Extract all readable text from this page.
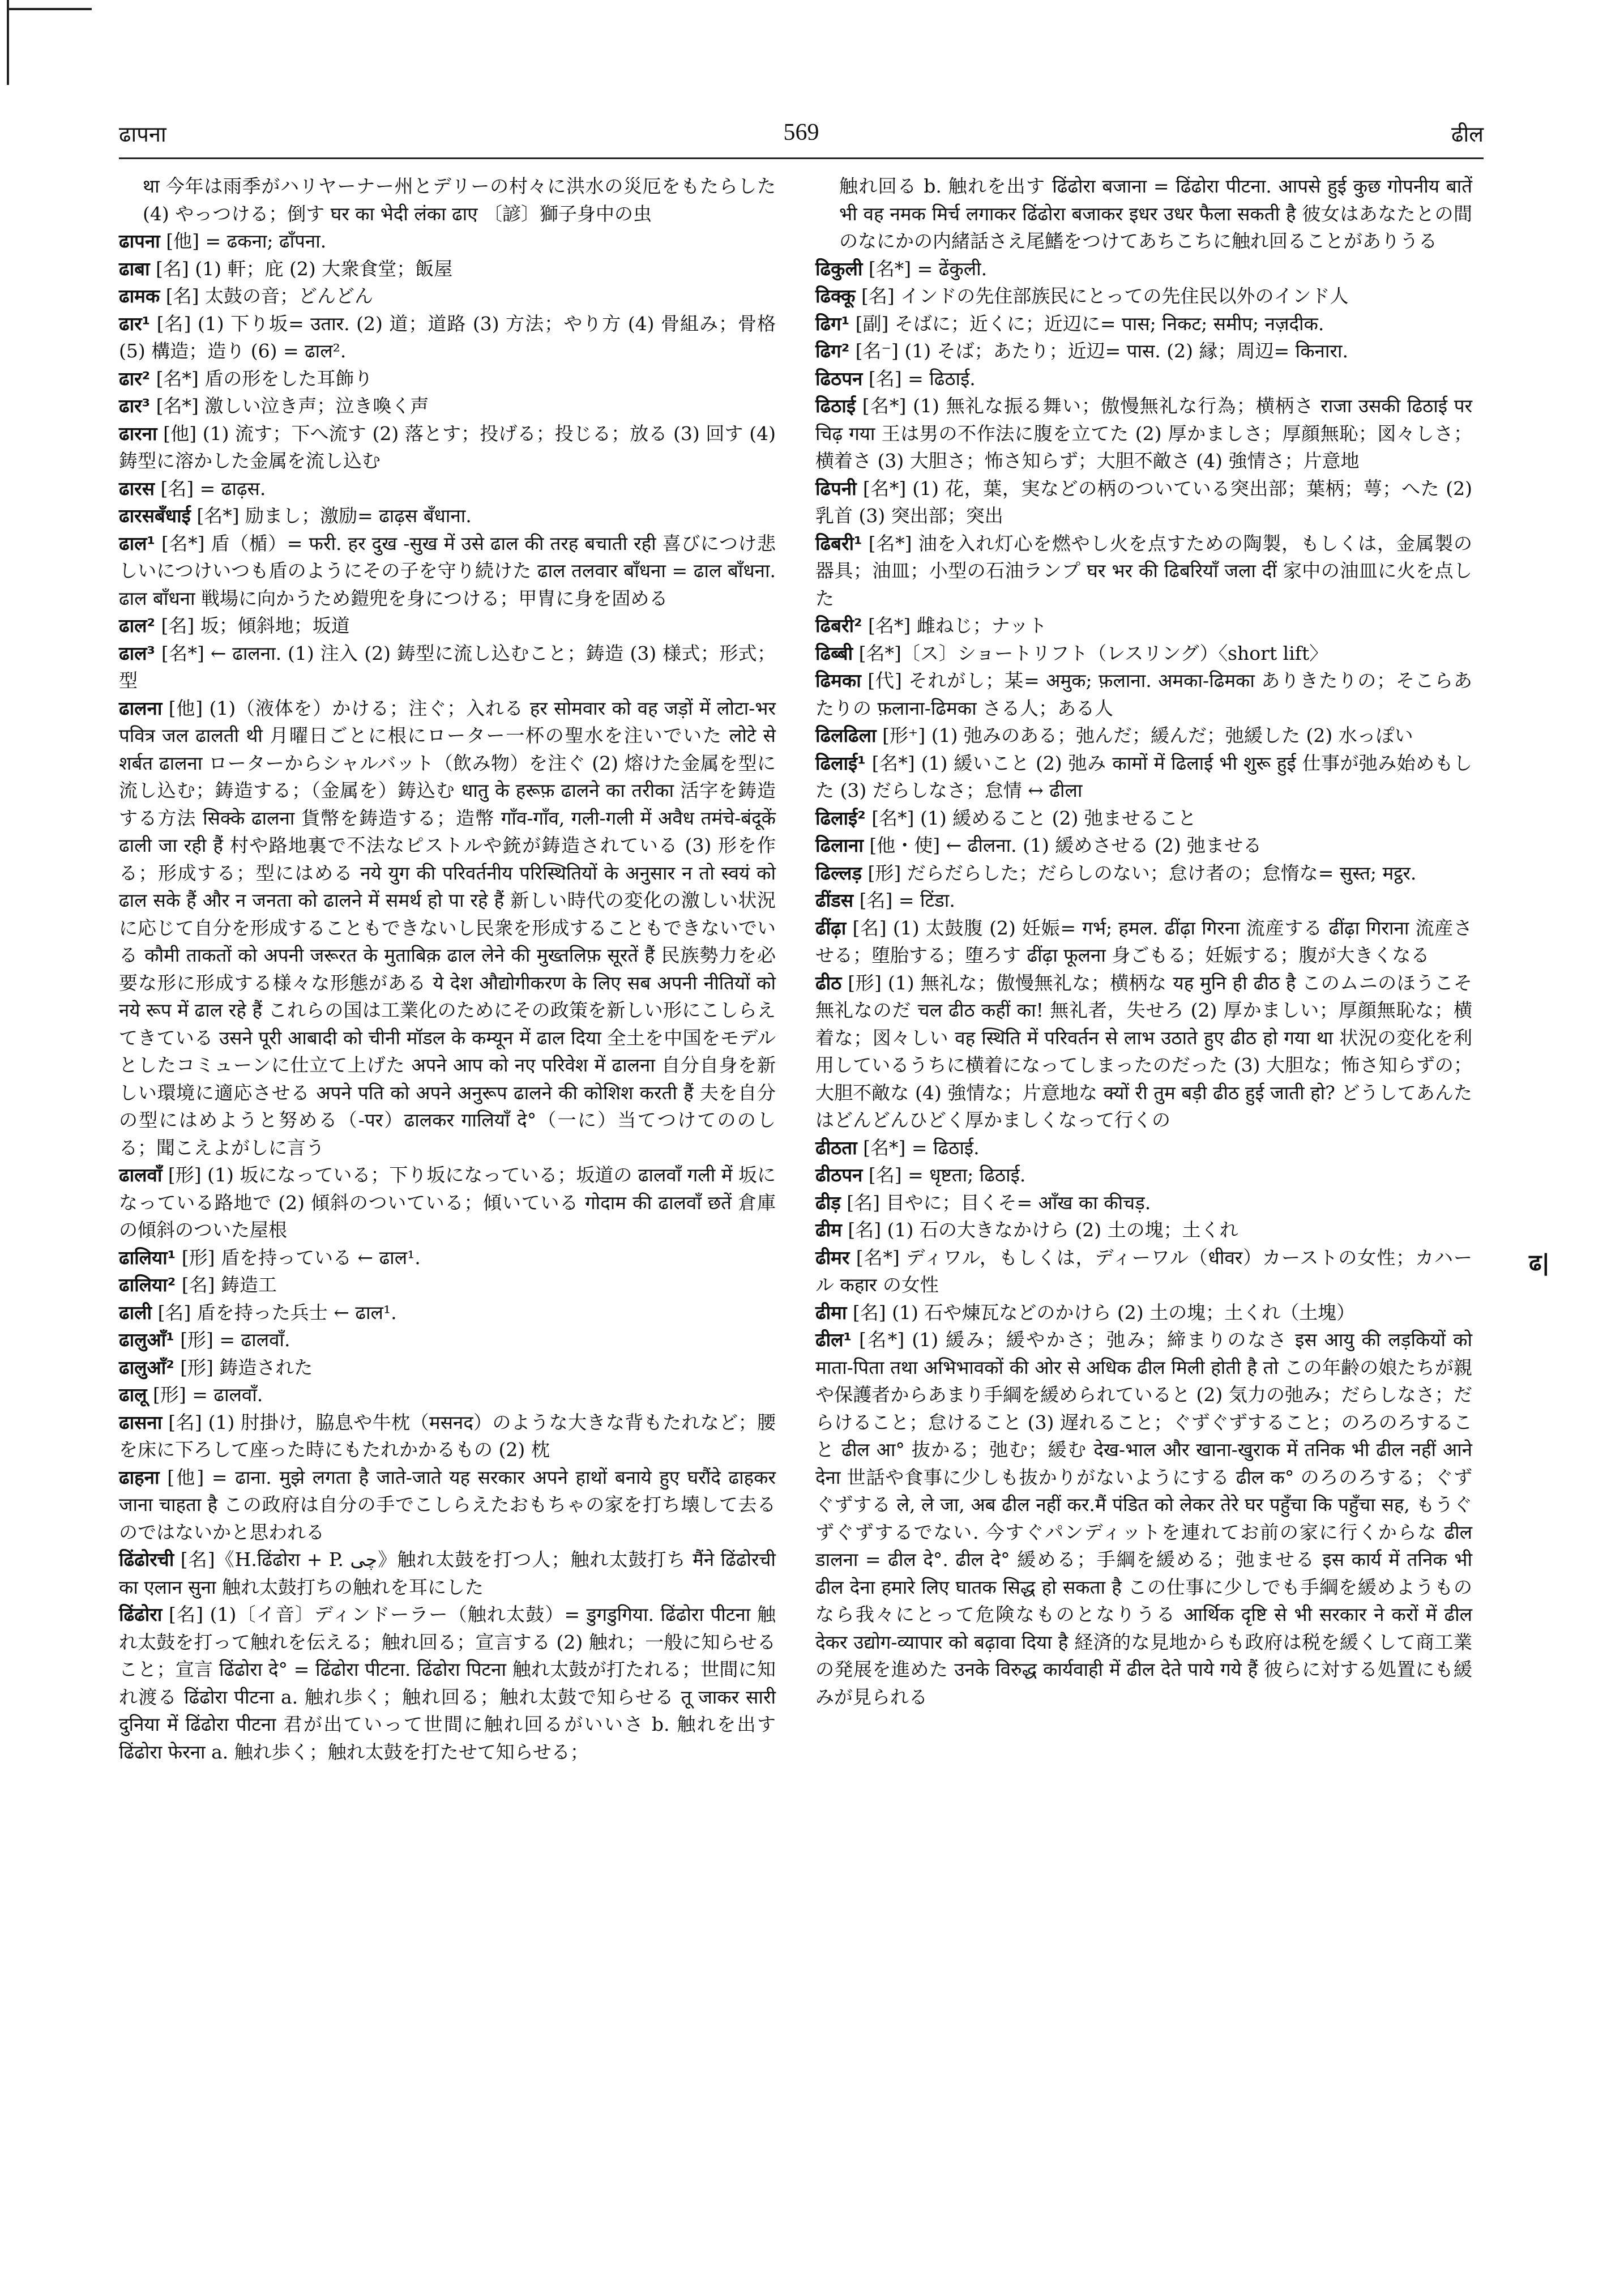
ढापना	569	ढील

था 今年は雨季がハリヤーナー州とデリーの村々に洪水の災厄をもたらした (4) やっつける；倒す घर का भेदी लंका ढाए 〔諺〕獅子身中の虫

ढापना [他] = ढकना; ढाँपना.

ढाबा [名] (1) 軒；庇 (2) 大衆食堂；飯屋

ढामक [名] 太鼓の音；どんどん

ढार¹ [名] (1) 下り坂= उतार. (2) 道；道路 (3) 方法；やり方 (4) 骨組み；骨格 (5) 構造；造り (6) = ढाल².

ढार² [名*] 盾の形をした耳飾り

ढार³ [名*] 激しい泣き声；泣き喚く声

ढारना [他] (1) 流す；下へ流す (2) 落とす；投げる；投じる；放る (3) 回す (4) 鋳型に溶かした金属を流し込む

ढारस [名] = ढाढ़स.

ढारसबँधाई [名*] 励まし；激励= ढाढ़स बँधाना.

ढाल¹ [名*] 盾（楯）= फरी. हर दुख -सुख में उसे ढाल की तरह बचाती रही 喜びにつけ悲しいにつけいつも盾のようにその子を守り続けた ढाल तलवार बाँधना = ढाल बाँधना. ढाल बाँधना 戦場に向かうため鎧兜を身につける；甲冑に身を固める

ढाल² [名] 坂；傾斜地；坂道

ढाल³ [名*] ← ढालना. (1) 注入 (2) 鋳型に流し込むこと；鋳造 (3) 様式；形式；型

ढालना [他] (1)（液体を）かける；注ぐ；入れる हर सोमवार को वह जड़ों में लोटा-भर पवित्र जल ढालती थी 月曜日ごとに根にローター一杯の聖水を注いでいた लोटे से शर्बत ढालना ローターからシャルバット（飲み物）を注ぐ (2) 熔けた金属を型に流し込む；鋳造する；（金属を）鋳込む धातु के हरूफ़ ढालने का तरीका 活字を鋳造する方法 सिक्के ढालना 貨幣を鋳造する；造幣 गाँव-गाँव, गली-गली में अवैध तमंचे-बंदूकें ढाली जा रही हैं 村や路地裏で不法なピストルや銃が鋳造されている (3) 形を作る；形成する；型にはめる नये युग की परिवर्तनीय परिस्थितियों के अनुसार न तो स्वयं को ढाल सके हैं और न जनता को ढालने में समर्थ हो पा रहे हैं 新しい時代の変化の激しい状況に応じて自分を形成することもできないし民衆を形成することもできないでいる कौमी ताकतों को अपनी जरूरत के मुताबिक़ ढाल लेने की मुख्तलिफ़ सूरतें हैं 民族勢力を必要な形に形成する様々な形態がある ये देश औद्योगीकरण के लिए सब अपनी नीतियों को नये रूप में ढाल रहे हैं これらの国は工業化のためにその政策を新しい形にこしらえてきている उसने पूरी आबादी को चीनी मॉडल के कम्यून में ढाल दिया 全土を中国をモデルとしたコミューンに仕立て上げた अपने आप को नए परिवेश में ढालना 自分自身を新しい環境に適応させる अपने पति को अपने अनुरूप ढालने की कोशिश करती हैं 夫を自分の型にはめようと努める（-पर）ढालकर गालियाँ दे°（一に）当てつけてののしる；聞こえよがしに言う

ढालवाँ [形] (1) 坂になっている；下り坂になっている；坂道の ढालवाँ गली में 坂になっている路地で (2) 傾斜のついている；傾いている गोदाम की ढालवाँ छतें 倉庫の傾斜のついた屋根

ढालिया¹ [形] 盾を持っている ← ढाल¹.

ढालिया² [名] 鋳造工

ढाली [名] 盾を持った兵士 ← ढाल¹.

ढालुआँ¹ [形] = ढालवाँ.

ढालुआँ² [形] 鋳造された

ढालू [形] = ढालवाँ.

ढासना [名] (1) 肘掛け，脇息や牛枕（मसनद）のような大きな背もたれなど；腰を床に下ろして座った時にもたれかかるもの (2) 枕

ढाहना [他] = ढाना. मुझे लगता है जाते-जाते यह सरकार अपने हाथों बनाये हुए घरौंदे ढाहकर जाना चाहता है この政府は自分の手でこしらえたおもちゃの家を打ち壊して去るのではないかと思われる

ढिंढोरची [名]《H.ढिंढोरा + P. چی》触れ太鼓を打つ人；触れ太鼓打ち मैंने ढिंढोरची का एलान सुना 触れ太鼓打ちの触れを耳にした

ढिंढोरा [名] (1)〔イ音〕ディンドーラー（触れ太鼓）= डुगडुगिया. ढिंढोरा पीटना 触れ太鼓を打って触れを伝える；触れ回る；宣言する (2) 触れ；一般に知らせること；宣言 ढिंढोरा दे° = ढिंढोरा पीटना. ढिंढोरा पिटना 触れ太鼓が打たれる；世間に知れ渡る ढिंढोरा पीटना a. 触れ歩く；触れ回る；触れ太鼓で知らせる तू जाकर सारी दुनिया में ढिंढोरा पीटना 君が出ていって世間に触れ回るがいいさ b. 触れを出す ढिंढोरा फेरना a. 触れ歩く；触れ太鼓を打たせて知らせる；

触れ回る b. 触れを出す ढिंढोरा बजाना = ढिंढोरा पीटना. आपसे हुई कुछ गोपनीय बातें भी वह नमक मिर्च लगाकर ढिंढोरा बजाकर इधर उधर फैला सकती है 彼女はあなたとの間のなにかの内緒話さえ尾鰭をつけてあちこちに触れ回ることがありうる

ढिकुली [名*] = ढेंकुली.

ढिक्कू [名] インドの先住部族民にとっての先住民以外のインド人

ढिग¹ [副] そばに；近くに；近辺に= पास; निकट; समीप; नज़दीक.

ढिग² [名⁻] (1) そば；あたり；近辺= पास. (2) 縁；周辺= किनारा.

ढिठपन [名] = ढिठाई.

ढिठाई [名*] (1) 無礼な振る舞い；傲慢無礼な行為；横柄さ राजा उसकी ढिठाई पर चिढ़ गया 王は男の不作法に腹を立てた (2) 厚かましさ；厚顔無恥；図々しさ；横着さ (3) 大胆さ；怖さ知らず；大胆不敵さ (4) 強情さ；片意地

ढिपनी [名*] (1) 花，葉，実などの柄のついている突出部；葉柄；萼；へた (2) 乳首 (3) 突出部；突出

ढिबरी¹ [名*] 油を入れ灯心を燃やし火を点すための陶製，もしくは，金属製の器具；油皿；小型の石油ランプ घर भर की ढिबरियाँ जला दीं 家中の油皿に火を点した

ढिबरी² [名*] 雌ねじ；ナット

ढिब्बी [名*]〔ス〕ショートリフト（レスリング）〈short lift〉

ढिमका [代] それがし；某= अमुक; फ़लाना. अमका-ढिमका ありきたりの；そこらあたりの फ़लाना-ढिमका さる人；ある人

ढिलढिला [形⁺] (1) 弛みのある；弛んだ；緩んだ；弛緩した (2) 水っぽい

ढिलाई¹ [名*] (1) 緩いこと (2) 弛み कामों में ढिलाई भी शुरू हुई 仕事が弛み始めもした (3) だらしなさ；怠情 ↔ ढीला

ढिलाई² [名*] (1) 緩めること (2) 弛ませること

ढिलाना [他・使] ← ढीलना. (1) 緩めさせる (2) 弛ませる

ढिल्लड़ [形] だらだらした；だらしのない；怠け者の；怠惰な= सुस्त; मट्ठर.

ढींडस [名] = टिंडा.

ढींढ़ा [名] (1) 太鼓腹 (2) 妊娠= गर्भ; हमल. ढींढ़ा गिरना 流産する ढींढ़ा गिराना 流産させる；堕胎する；堕ろす ढींढ़ा फूलना 身ごもる；妊娠する；腹が大きくなる

ढीठ [形] (1) 無礼な；傲慢無礼な；横柄な यह मुनि ही ढीठ है このムニのほうこそ無礼なのだ चल ढीठ कहीं का! 無礼者，失せろ (2) 厚かましい；厚顔無恥な；横着な；図々しい वह स्थिति में परिवर्तन से लाभ उठाते हुए ढीठ हो गया था 状況の変化を利用しているうちに横着になってしまったのだった (3) 大胆な；怖さ知らずの；大胆不敵な (4) 強情な；片意地な क्यों री तुम बड़ी ढीठ हुई जाती हो? どうしてあんたはどんどんひどく厚かましくなって行くの

ढीठता [名*] = ढिठाई.

ढीठपन [名] = धृष्टता; ढिठाई.

ढीड़ [名] 目やに；目くそ= आँख का कीचड़.

ढीम [名] (1) 石の大きなかけら (2) 土の塊；土くれ

ढीमर [名*] ディワル，もしくは，ディーワル（धीवर）カーストの女性；カハール कहार の女性

ढीमा [名] (1) 石や煉瓦などのかけら (2) 土の塊；土くれ（土塊）

ढील¹ [名*] (1) 緩み；緩やかさ；弛み；締まりのなさ इस आयु की लड़कियों को माता-पिता तथा अभिभावकों की ओर से अधिक ढील मिली होती है तो この年齢の娘たちが親や保護者からあまり手綱を緩められていると (2) 気力の弛み；だらしなさ；だらけること；怠けること (3) 遅れること；ぐずぐずすること；のろのろすること ढील आ° 抜かる；弛む；緩む देख-भाल और खाना-खुराक में तनिक भी ढील नहीं आने देना 世話や食事に少しも抜かりがないようにする ढील क° のろのろする；ぐずぐずする ले, ले जा, अब ढील नहीं कर.मैं पंडित को लेकर तेरे घर पहुँचा कि पहुँचा सह, もうぐずぐずするでない. 今すぐパンディットを連れてお前の家に行くからな ढील डालना = ढील दे°. ढील दे° 緩める；手綱を緩める；弛ませる इस कार्य में तनिक भी ढील देना हमारे लिए घातक सिद्ध हो सकता है この仕事に少しでも手綱を緩めようものなら我々にとって危険なものとなりうる आर्थिक दृष्टि से भी सरकार ने करों में ढील देकर उद्योग-व्यापार को बढ़ावा दिया है 経済的な見地からも政府は税を緩くして商工業の発展を進めた उनके विरुद्ध कार्यवाही में ढील देते पाये गये हैं 彼らに対する処置にも緩みが見られる

ढ|
